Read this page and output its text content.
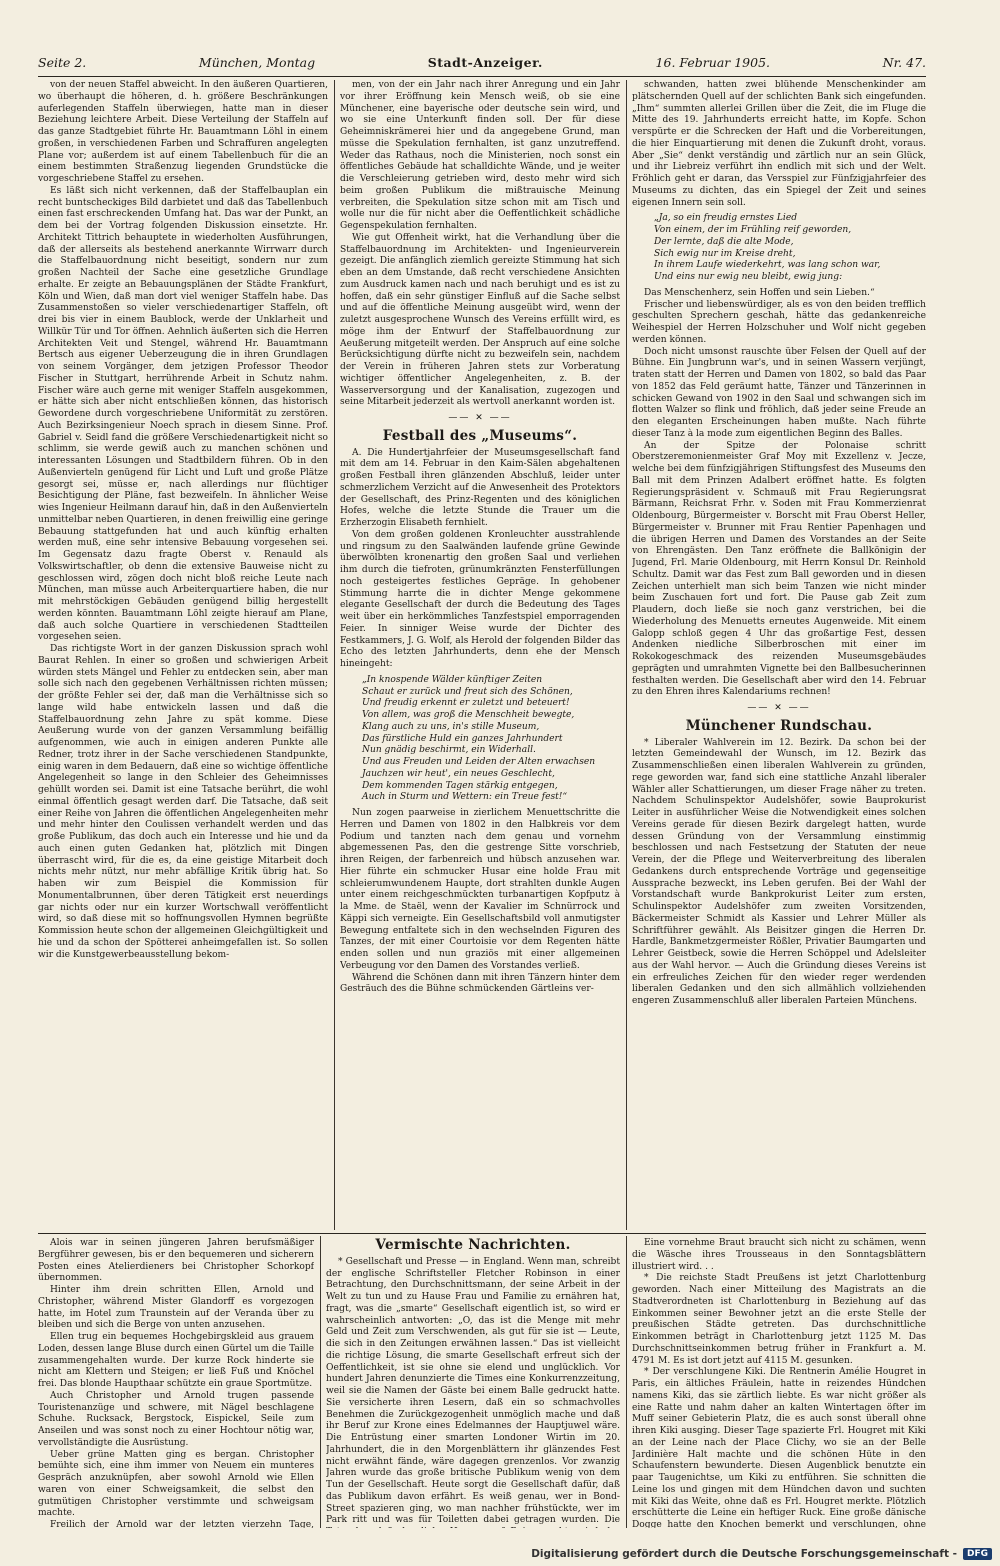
Seite 2.	München, Montag	Stadt-Anzeiger.	16. Februar 1905.	Nr. 47.

von der neuen Staffel abweicht. In den äußeren Quartieren, wo überhaupt die höheren, d. h. größere Beschränkungen auferlegenden Staffeln überwiegen, hatte man in dieser Beziehung leichtere Arbeit. Diese Verteilung der Staffeln auf das ganze Stadtgebiet führte Hr. Bauamtmann Löhl in einem großen, in verschiedenen Farben und Schraffuren angelegten Plane vor; außerdem ist auf einem Tabellenbuch für die an einem bestimmten Straßenzug liegenden Grundstücke die vorgeschriebene Staffel zu ersehen.

Es läßt sich nicht verkennen, daß der Staffelbauplan ein recht buntscheckiges Bild darbietet und daß das Tabellenbuch einen fast erschreckenden Umfang hat. Das war der Punkt, an dem bei der Vortrag folgenden Diskussion einsetzte. Hr. Architekt Tittrich behauptete in wiederholten Ausführungen, daß der allerseits als bestehend anerkannte Wirrwarr durch die Staffelbauordnung nicht beseitigt, sondern nur zum großen Nachteil der Sache eine gesetzliche Grundlage erhalte. Er zeigte an Bebauungsplänen der Städte Frankfurt, Köln und Wien, daß man dort viel weniger Staffeln habe. Das Zusammenstoßen so vieler verschiedenartiger Staffeln, oft drei bis vier in einem Baublock, werde der Unklarheit und Willkür Tür und Tor öffnen. Aehnlich äußerten sich die Herren Architekten Veit und Stengel, während Hr. Bauamtmann Bertsch aus eigener Ueberzeugung die in ihren Grundlagen von seinem Vorgänger, dem jetzigen Professor Theodor Fischer in Stuttgart, herrührende Arbeit in Schutz nahm. Fischer wäre auch gerne mit weniger Staffeln ausgekommen, er hätte sich aber nicht entschließen können, das historisch Gewordene durch vorgeschriebene Uniformität zu zerstören. Auch Bezirksingenieur Noech sprach in diesem Sinne. Prof. Gabriel v. Seidl fand die größere Verschiedenartigkeit nicht so schlimm, sie werde gewiß auch zu manchen schönen und interessanten Lösungen und Stadtbildern führen. Ob in den Außenvierteln genügend für Licht und Luft und große Plätze gesorgt sei, müsse er, nach allerdings nur flüchtiger Besichtigung der Pläne, fast bezweifeln. In ähnlicher Weise wies Ingenieur Heilmann darauf hin, daß in den Außenvierteln unmittelbar neben Quartieren, in denen freiwillig eine geringe Bebauung stattgefunden hat und auch künftig erhalten werden muß, eine sehr intensive Bebauung vorgesehen sei. Im Gegensatz dazu fragte Oberst v. Renauld als Volkswirtschaftler, ob denn die extensive Bauweise nicht zu geschlossen wird, zögen doch nicht bloß reiche Leute nach München, man müsse auch Arbeiterquartiere haben, die nur mit mehrstöckigen Gebäuden genügend billig hergestellt werden könnten. Bauamtmann Löhl zeigte hierauf am Plane, daß auch solche Quartiere in verschiedenen Stadtteilen vorgesehen seien.

Das richtigste Wort in der ganzen Diskussion sprach wohl Baurat Rehlen. In einer so großen und schwierigen Arbeit würden stets Mängel und Fehler zu entdecken sein, aber man solle sich nach den gegebenen Verhältnissen richten müssen; der größte Fehler sei der, daß man die Verhältnisse sich so lange wild habe entwickeln lassen und daß die Staffelbauordnung zehn Jahre zu spät komme. Diese Aeußerung wurde von der ganzen Versammlung beifällig aufgenommen, wie auch in einigen anderen Punkte alle Redner, trotz ihrer in der Sache verschiedenen Standpunkte, einig waren in dem Bedauern, daß eine so wichtige öffentliche Angelegenheit so lange in den Schleier des Geheimnisses gehüllt worden sei. Damit ist eine Tatsache berührt, die wohl einmal öffentlich gesagt werden darf. Die Tatsache, daß seit einer Reihe von Jahren die öffentlichen Angelegenheiten mehr und mehr hinter den Coulissen verhandelt werden und das große Publikum, das doch auch ein Interesse und hie und da auch einen guten Gedanken hat, plötzlich mit Dingen überrascht wird, für die es, da eine geistige Mitarbeit doch nichts mehr nützt, nur mehr abfällige Kritik übrig hat. So haben wir zum Beispiel die Kommission für Monumentalbrunnen, über deren Tätigkeit erst neuerdings gar nichts oder nur ein kurzer Wortschwall veröffentlicht wird, so daß diese mit so hoffnungsvollen Hymnen begrüßte Kommission heute schon der allgemeinen Gleichgültigkeit und hie und da schon der Spötterei anheimgefallen ist. So sollen wir die Kunstgewerbeausstellung bekom-

men, von der ein Jahr nach ihrer Anregung und ein Jahr vor ihrer Eröffnung kein Mensch weiß, ob sie eine Münchener, eine bayerische oder deutsche sein wird, und wo sie eine Unterkunft finden soll. Der für diese Geheimniskrämerei hier und da angegebene Grund, man müsse die Spekulation fernhalten, ist ganz unzutreffend. Weder das Rathaus, noch die Ministerien, noch sonst ein öffentliches Gebäude hat schalldichte Wände, und je weiter die Verschleierung getrieben wird, desto mehr wird sich beim großen Publikum die mißtrauische Meinung verbreiten, die Spekulation sitze schon mit am Tisch und wolle nur die für nicht aber die Oeffentlichkeit schädliche Gegenspekulation fernhalten.

Wie gut Offenheit wirkt, hat die Verhandlung über die Staffelbauordnung im Architekten- und Ingenieurverein gezeigt. Die anfänglich ziemlich gereizte Stimmung hat sich eben an dem Umstande, daß recht verschiedene Ansichten zum Ausdruck kamen nach und nach beruhigt und es ist zu hoffen, daß ein sehr günstiger Einfluß auf die Sache selbst und auf die öffentliche Meinung ausgeübt wird, wenn der zuletzt ausgesprochene Wunsch des Vereins erfüllt wird, es möge ihm der Entwurf der Staffelbauordnung zur Aeußerung mitgeteilt werden. Der Anspruch auf eine solche Berücksichtigung dürfte nicht zu bezweifeln sein, nachdem der Verein in früheren Jahren stets zur Vorberatung wichtiger öffentlicher Angelegenheiten, z. B. der Wasserversorgung und der Kanalisation, zugezogen und seine Mitarbeit jederzeit als wertvoll anerkannt worden ist.

—— ✕ ——
Festball des „Museums“.

A. Die Hundertjahrfeier der Museumsgesellschaft fand mit dem am 14. Februar in den Kaim-Sälen abgehaltenen großen Festball ihren glänzenden Abschluß, leider unter schmerzlichem Verzicht auf die Anwesenheit des Protektors der Gesellschaft, des Prinz-Regenten und des königlichen Hofes, welche die letzte Stunde die Trauer um die Erzherzogin Elisabeth fernhielt.

Von dem großen goldenen Kronleuchter ausstrahlende und ringsum zu den Saalwänden laufende grüne Gewinde überwölbten kronenartig den großen Saal und verliehen ihm durch die tiefroten, grünumkränzten Fensterfüllungen noch gesteigertes festliches Gepräge. In gehobener Stimmung harrte die in dichter Menge gekommene elegante Gesellschaft der durch die Bedeutung des Tages weit über ein herkömmliches Tanzfestspiel emporragenden Feier. In sinniger Weise wurde der Dichter des Festkammers, J. G. Wolf, als Herold der folgenden Bilder das Echo des letzten Jahrhunderts, denn ehe der Mensch hineingeht:

„In knospende Wälder künftiger Zeiten
Schaut er zurück und freut sich des Schönen,
Und freudig erkennt er zuletzt und beteuert!
Von allem, was groß die Menschheit bewegte,
Klang auch zu uns, in's stille Museum,
Das fürstliche Huld ein ganzes Jahrhundert
Nun gnädig beschirmt, ein Widerhall.
Und aus Freuden und Leiden der Alten erwachsen
Jauchzen wir heut', ein neues Geschlecht,
Dem kommenden Tagen stärkig entgegen,
Auch in Sturm und Wettern: ein Treue fest!“

Nun zogen paarweise in zierlichem Menuettschritte die Herren und Damen von 1802 in den Halbkreis vor dem Podium und tanzten nach dem genau und vornehm abgemessenen Pas, den die gestrenge Sitte vorschrieb, ihren Reigen, der farbenreich und hübsch anzusehen war. Hier führte ein schmucker Husar eine holde Frau mit schleierumwundenem Haupte, dort strahlten dunkle Augen unter einem reichgeschmückten turbanartigen Kopfputz à la Mme. de Staël, wenn der Kavalier im Schnürrock und Käppi sich verneigte. Ein Gesellschaftsbild voll anmutigster Bewegung entfaltete sich in den wechselnden Figuren des Tanzes, der mit einer Courtoisie vor dem Regenten hätte enden sollen und nun graziös mit einer allgemeinen Verbeugung vor den Damen des Vorstandes verließ.

Während die Schönen dann mit ihren Tänzern hinter dem Gesträuch des die Bühne schmückenden Gärtleins ver-

schwanden, hatten zwei blühende Menschenkinder am plätschernden Quell auf der schlichten Bank sich eingefunden. „Ihm“ summten allerlei Grillen über die Zeit, die im Fluge die Mitte des 19. Jahrhunderts erreicht hatte, im Kopfe. Schon verspürte er die Schrecken der Haft und die Vorbereitungen, die hier Einquartierung mit denen die Zukunft droht, voraus. Aber „Sie“ denkt verständig und zärtlich nur an sein Glück, und ihr Liebreiz verführt ihn endlich mit sich und der Welt. Fröhlich geht er daran, das Versspiel zur Fünfzigjahrfeier des Museums zu dichten, das ein Spiegel der Zeit und seines eigenen Innern sein soll.

„Ja, so ein freudig ernstes Lied
Von einem, der im Frühling reif geworden,
Der lernte, daß die alte Mode,
Sich ewig nur im Kreise dreht,
In ihrem Laufe wiederkehrt, was lang schon war,
Und eins nur ewig neu bleibt, ewig jung:

Das Menschenherz, sein Hoffen und sein Lieben.“

Frischer und liebenswürdiger, als es von den beiden trefflich geschulten Sprechern geschah, hätte das gedankenreiche Weihespiel der Herren Holzschuher und Wolf nicht gegeben werden können.

Doch nicht umsonst rauschte über Felsen der Quell auf der Bühne. Ein Jungbrunn war's, und in seinen Wassern verjüngt, traten statt der Herren und Damen von 1802, so bald das Paar von 1852 das Feld geräumt hatte, Tänzer und Tänzerinnen in schicken Gewand von 1902 in den Saal und schwangen sich im flotten Walzer so flink und fröhlich, daß jeder seine Freude an den eleganten Erscheinungen haben mußte. Nach führte dieser Tanz à la mode zum eigentlichen Beginn des Balles.

An der Spitze der Polonaise schritt Oberstzeremonienmeister Graf Moy mit Exzellenz v. Jecze, welche bei dem fünfzigjährigen Stiftungsfest des Museums den Ball mit dem Prinzen Adalbert eröffnet hatte. Es folgten Regierungspräsident v. Schmauß mit Frau Regierungsrat Bärmann, Reichsrat Frhr. v. Soden mit Frau Kommerzienrat Oldenbourg, Bürgermeister v. Borscht mit Frau Oberst Heller, Bürgermeister v. Brunner mit Frau Rentier Papenhagen und die übrigen Herren und Damen des Vorstandes an der Seite von Ehrengästen. Den Tanz eröffnete die Ballkönigin der Jugend, Frl. Marie Oldenbourg, mit Herrn Konsul Dr. Reinhold Schultz. Damit war das Fest zum Ball geworden und in diesen Zeichen unterhielt man sich beim Tanzen wie nicht minder beim Zuschauen fort und fort. Die Pause gab Zeit zum Plaudern, doch ließe sie noch ganz verstrichen, bei die Wiederholung des Menuetts erneutes Augenweide. Mit einem Galopp schloß gegen 4 Uhr das großartige Fest, dessen Andenken niedliche Silberbroschen mit einer im Rokokogeschmack des reizenden Museumsgebäudes geprägten und umrahmten Vignette bei den Ballbesucherinnen festhalten werden. Die Gesellschaft aber wird den 14. Februar zu den Ehren ihres Kalendariums rechnen!

—— ✕ ——
Münchener Rundschau.

* Liberaler Wahlverein im 12. Bezirk. Da schon bei der letzten Gemeindewahl der Wunsch, im 12. Bezirk das Zusammenschließen einen liberalen Wahlverein zu gründen, rege geworden war, fand sich eine stattliche Anzahl liberaler Wähler aller Schattierungen, um dieser Frage näher zu treten. Nachdem Schulinspektor Audelshöfer, sowie Bauprokurist Leiter in ausführlicher Weise die Notwendigkeit eines solchen Vereins gerade für diesen Bezirk dargelegt hatten, wurde dessen Gründung von der Versammlung einstimmig beschlossen und nach Festsetzung der Statuten der neue Verein, der die Pflege und Weiterverbreitung des liberalen Gedankens durch entsprechende Vorträge und gegenseitige Aussprache bezweckt, ins Leben gerufen. Bei der Wahl der Vorstandschaft wurde Bankprokurist Leiter zum ersten, Schulinspektor Audelshöfer zum zweiten Vorsitzenden, Bäckermeister Schmidt als Kassier und Lehrer Müller als Schriftführer gewählt. Als Beisitzer gingen die Herren Dr. Hardle, Bankmetzgermeister Rößler, Privatier Baumgarten und Lehrer Geistbeck, sowie die Herren Schöppel und Adelsleiter aus der Wahl hervor. — Auch die Gründung dieses Vereins ist ein erfreuliches Zeichen für den wieder reger werdenden liberalen Gedanken und den sich allmählich vollziehenden engeren Zusammenschluß aller liberalen Parteien Münchens.

Alois war in seinen jüngeren Jahren berufsmäßiger Bergführer gewesen, bis er den bequemeren und sicherern Posten eines Atelierdieners bei Christopher Schorkopf übernommen.

Hinter ihm drein schritten Ellen, Arnold und Christopher, während Mister Glandorff es vorgezogen hatte, im Hotel zum Traunstein auf der Veranda über zu bleiben und sich die Berge von unten anzusehen.

Ellen trug ein bequemes Hochgebirgskleid aus grauem Loden, dessen lange Bluse durch einen Gürtel um die Taille zusammengehalten wurde. Der kurze Rock hinderte sie nicht am Klettern und Steigen; er ließ Fuß und Knöchel frei. Das blonde Haupthaar schützte ein graue Sportmütze.

Auch Christopher und Arnold trugen passende Touristenanzüge und schwere, mit Nägel beschlagene Schuhe. Rucksack, Bergstock, Eispickel, Seile zum Anseilen und was sonst noch zu einer Hochtour nötig war, vervollständigte die Ausrüstung.

Ueber grüne Matten ging es bergan. Christopher bemühte sich, eine ihm immer von Neuem ein munteres Gespräch anzuknüpfen, aber sowohl Arnold wie Ellen waren von einer Schweigsamkeit, die selbst den gutmütigen Christopher verstimmte und schweigsam machte.

Freilich der Arnold war der letzten vierzehn Tage,

Vermischte Nachrichten.

* Gesellschaft und Presse — in England. Wenn man, schreibt der englische Schriftsteller Fletcher Robinson in einer Betrachtung, den Durchschnittsmann, der seine Arbeit in der Welt zu tun und zu Hause Frau und Familie zu ernähren hat, fragt, was die „smarte“ Gesellschaft eigentlich ist, so wird er wahrscheinlich antworten: „O, das ist die Menge mit mehr Geld und Zeit zum Verschwenden, als gut für sie ist — Leute, die sich in den Zeitungen erwähnen lassen.“ Das ist vielleicht die richtige Lösung, die smarte Gesellschaft erfreut sich der Oeffentlichkeit, ist sie ohne sie elend und unglücklich. Vor hundert Jahren denunzierte die Times eine Konkurrenzzeitung, weil sie die Namen der Gäste bei einem Balle gedruckt hatte. Sie versicherte ihren Lesern, daß ein so schmachvolles Benehmen die Zurückgezogenheit unmöglich mache und daß ihr Beruf zur Krone eines Edelmannes der Hauptjuwel wäre. Die Entrüstung einer smarten Londoner Wirtin im 20. Jahrhundert, die in den Morgenblättern ihr glänzendes Fest nicht erwähnt fände, wäre dagegen grenzenlos. Vor zwanzig Jahren wurde das große britische Publikum wenig von dem Tun der Gesellschaft. Heute sorgt die Gesellschaft dafür, daß das Publikum davon erfährt. Es weiß genau, wer in Bond-Street spazieren ging, wo man nachher frühstückte, wer im Park ritt und was für Toiletten dabei getragen wurden. Die

Eine vornehme Braut braucht sich nicht zu schämen, wenn die Wäsche ihres Trousseaus in den Sonntagsblättern illustriert wird. . .

* Die reichste Stadt Preußens ist jetzt Charlottenburg geworden. Nach einer Mitteilung des Magistrats an die Stadtverordneten ist Charlottenburg in Beziehung auf das Einkommen seiner Bewohner jetzt an die erste Stelle der preußischen Städte getreten. Das durchschnittliche Einkommen beträgt in Charlottenburg jetzt 1125 M. Das Durchschnittseinkommen betrug früher in Frankfurt a. M. 4791 M. Es ist dort jetzt auf 4115 M. gesunken.

* Der verschlungene Kiki. Die Rentnerin Amélie Hougret in Paris, ein ältliches Fräulein, hatte in reizendes Hündchen namens Kiki, das sie zärtlich liebte. Es war nicht größer als eine Ratte und nahm daher an kalten Wintertagen öfter im Muff seiner Gebieterin Platz, die es auch sonst überall ohne ihren Kiki ausging. Dieser Tage spazierte Frl. Hougret mit Kiki an der Leine nach der Place Clichy, wo sie an der Belle Jardinière Halt machte und die schönen Hüte in den Schaufenstern bewunderte. Diesen Augenblick benutzte ein paar Taugenichtse, um Kiki zu entführen. Sie schnitten die Leine los und gingen mit dem Hündchen davon und suchten mit Kiki das Weite, ohne daß es Frl. Hougret merkte. Plötzlich erschütterte die Leine ein heftiger Ruck. Eine große dänische Dogge hatte den Knochen bemerkt und verschlungen, ohne

Digitalisierung gefördert durch die Deutsche Forschungsgemeinschaft -	DFG
